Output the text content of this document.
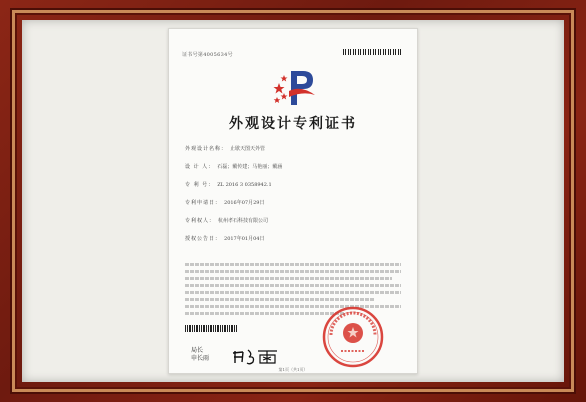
证书号第4005634号
外观设计专利证书
外观设计名称： 止歇天图天外管
设 计 人： 石磊；戴传建；马艳丽；戴涵
专 利 号： ZL 2016 3 0358942.1
专利申请日： 2016年07月29日
专利权人： 杭州孝石科技有限公司
授权公告日： 2017年01月04日
局长
申长雨
第1页（共1页）
